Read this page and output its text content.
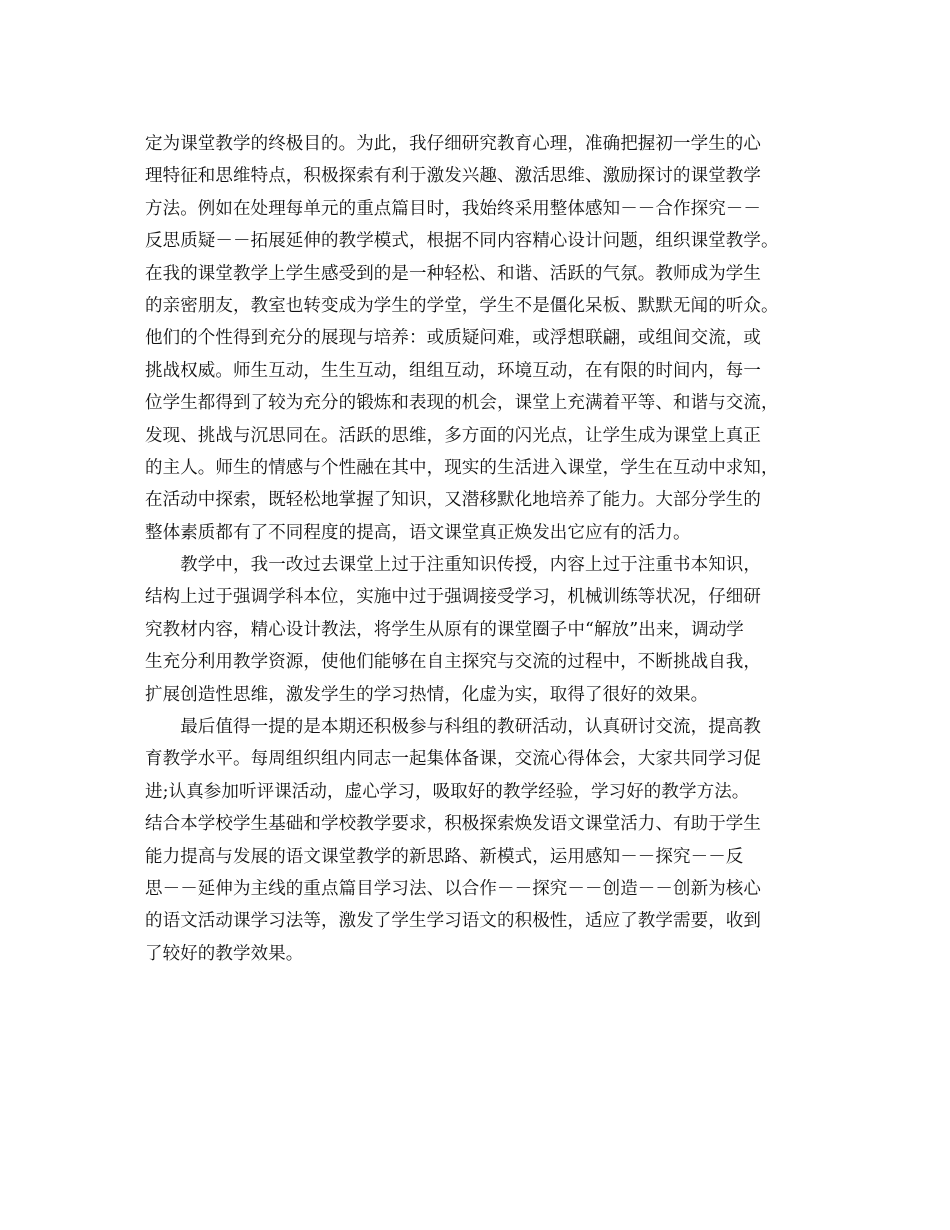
定为课堂教学的终极目的。为此，我仔细研究教育心理，准确把握初一学生的心
理特征和思维特点，积极探索有利于激发兴趣、激活思维、激励探讨的课堂教学
方法。例如在处理每单元的重点篇目时，我始终采用整体感知－－合作探究－－
反思质疑－－拓展延伸的教学模式，根据不同内容精心设计问题，组织课堂教学。
在我的课堂教学上学生感受到的是一种轻松、和谐、活跃的气氛。教师成为学生
的亲密朋友，教室也转变成为学生的学堂，学生不是僵化呆板、默默无闻的听众。
他们的个性得到充分的展现与培养：或质疑问难，或浮想联翩，或组间交流，或
挑战权威。师生互动，生生互动，组组互动，环境互动，在有限的时间内，每一
位学生都得到了较为充分的锻炼和表现的机会，课堂上充满着平等、和谐与交流，
发现、挑战与沉思同在。活跃的思维，多方面的闪光点，让学生成为课堂上真正
的主人。师生的情感与个性融在其中，现实的生活进入课堂，学生在互动中求知，
在活动中探索，既轻松地掌握了知识，又潜移默化地培养了能力。大部分学生的
整体素质都有了不同程度的提高，语文课堂真正焕发出它应有的活力。
　　教学中，我一改过去课堂上过于注重知识传授，内容上过于注重书本知识，
结构上过于强调学科本位，实施中过于强调接受学习，机械训练等状况，仔细研
究教材内容，精心设计教法，将学生从原有的课堂圈子中“解放”出来，调动学
生充分利用教学资源，使他们能够在自主探究与交流的过程中，不断挑战自我，
扩展创造性思维，激发学生的学习热情，化虚为实，取得了很好的效果。
　　最后值得一提的是本期还积极参与科组的教研活动，认真研讨交流，提高教
育教学水平。每周组织组内同志一起集体备课，交流心得体会，大家共同学习促
进;认真参加听评课活动，虚心学习，吸取好的教学经验，学习好的教学方法。
结合本学校学生基础和学校教学要求，积极探索焕发语文课堂活力、有助于学生
能力提高与发展的语文课堂教学的新思路、新模式，运用感知－－探究－－反
思－－延伸为主线的重点篇目学习法、以合作－－探究－－创造－－创新为核心
的语文活动课学习法等，激发了学生学习语文的积极性，适应了教学需要，收到
了较好的教学效果。
